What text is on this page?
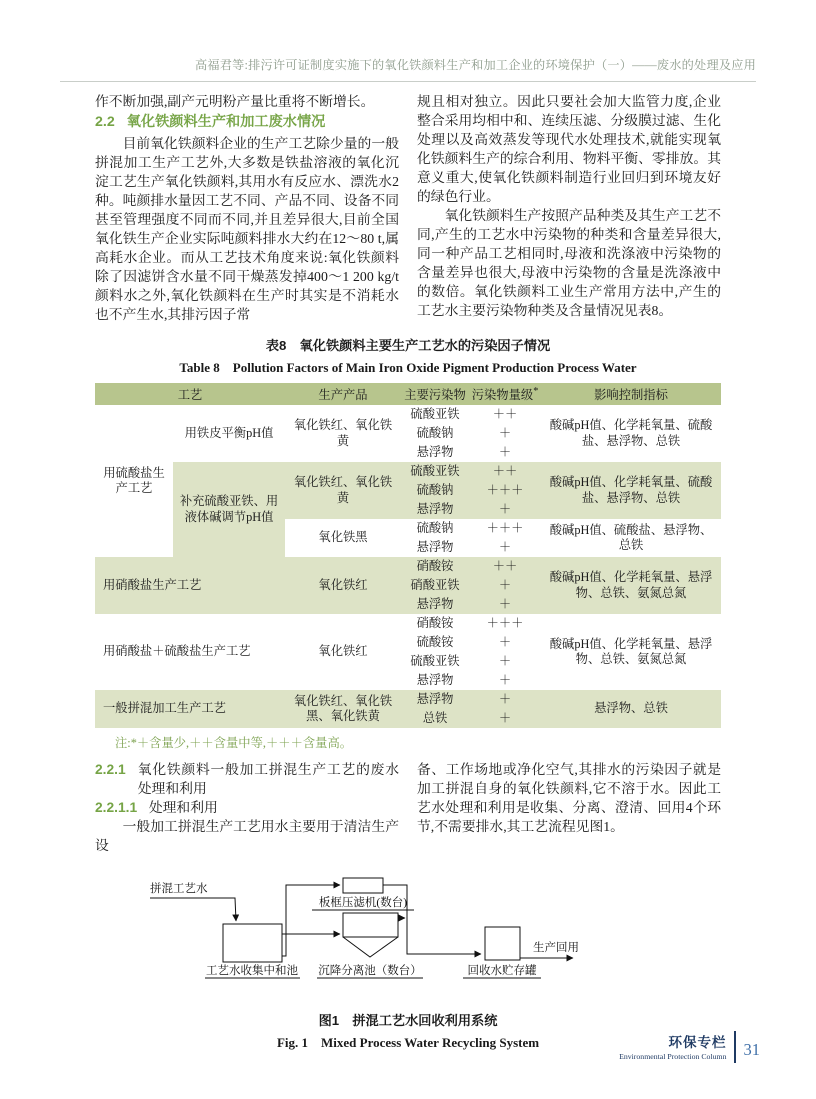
高福君等:排污许可证制度实施下的氧化铁颜料生产和加工企业的环境保护（一）——废水的处理及应用

作不断加强,副产元明粉产量比重将不断增长。

2.2 氧化铁颜料生产和加工废水情况

目前氧化铁颜料企业的生产工艺除少量的一般拼混加工生产工艺外,大多数是铁盐溶液的氧化沉淀工艺生产氧化铁颜料,其用水有反应水、漂洗水2种。吨颜排水量因工艺不同、产品不同、设备不同甚至管理强度不同而不同,并且差异很大,目前全国氧化铁生产企业实际吨颜料排水大约在12～80 t,属高耗水企业。而从工艺技术角度来说:氧化铁颜料除了因滤饼含水量不同干燥蒸发掉400～1 200 kg/t颜料水之外,氧化铁颜料在生产时其实是不消耗水也不产生水,其排污因子常

规且相对独立。因此只要社会加大监管力度,企业整合采用均相中和、连续压滤、分级膜过滤、生化处理以及高效蒸发等现代水处理技术,就能实现氧化铁颜料生产的综合利用、物料平衡、零排放。其意义重大,使氧化铁颜料制造行业回归到环境友好的绿色行业。

氧化铁颜料生产按照产品种类及其生产工艺不同,产生的工艺水中污染物的种类和含量差异很大,同一种产品工艺相同时,母液和洗涤液中污染物的含量差异也很大,母液中污染物的含量是洗涤液中的数倍。氧化铁颜料工业生产常用方法中,产生的工艺水主要污染物种类及含量情况见表8。

表8　氧化铁颜料主要生产工艺水的污染因子情况
Table 8　Pollution Factors of Main Iron Oxide Pigment Production Process Water
工艺		生产产品	主要污染物	污染物量级*	影响控制指标
用硫酸盐生产工艺	用铁皮平衡pH值	氧化铁红、氧化铁黄	硫酸亚铁	＋＋	酸碱pH值、化学耗氧量、硫酸盐、悬浮物、总铁
			硫酸钠	＋	
			悬浮物	＋	
	补充硫酸亚铁、用液体碱调节pH值	氧化铁红、氧化铁黄	硫酸亚铁	＋＋	酸碱pH值、化学耗氧量、硫酸盐、悬浮物、总铁
			硫酸钠	＋＋＋	
			悬浮物	＋	
		氧化铁黑	硫酸钠	＋＋＋	酸碱pH值、硫酸盐、悬浮物、总铁
			悬浮物	＋	
用硝酸盐生产工艺		氧化铁红	硝酸铵	＋＋	酸碱pH值、化学耗氧量、悬浮物、总铁、氨氮总氮
			硝酸亚铁	＋	
			悬浮物	＋	
用硝酸盐＋硫酸盐生产工艺		氧化铁红	硝酸铵	＋＋＋	酸碱pH值、化学耗氧量、悬浮物、总铁、氨氮总氮
			硫酸铵	＋	
			硫酸亚铁	＋	
			悬浮物	＋	
一般拼混加工生产工艺		氧化铁红、氧化铁黑、氧化铁黄	悬浮物	＋	悬浮物、总铁
			总铁	＋	
注:*＋含量少,＋＋含量中等,＋＋＋含量高。
2.2.1 氧化铁颜料一般加工拼混生产工艺的废水处理和利用
2.2.1.1 处理和利用

一般加工拼混生产工艺用水主要用于清洁生产设

备、工作场地或净化空气,其排水的污染因子就是加工拼混自身的氧化铁颜料,它不溶于水。因此工艺水处理和利用是收集、分离、澄清、回用4个环节,不需要排水,其工艺流程见图1。

拼混工艺水
工艺水收集中和池
板框压滤机(数台)
沉降分离池（数台）	回收水贮存罐
生产回用
图1　拼混工艺水回收利用系统
Fig. 1　Mixed Process Water Recycling System	环保专栏
Environmental Protection Column 31
